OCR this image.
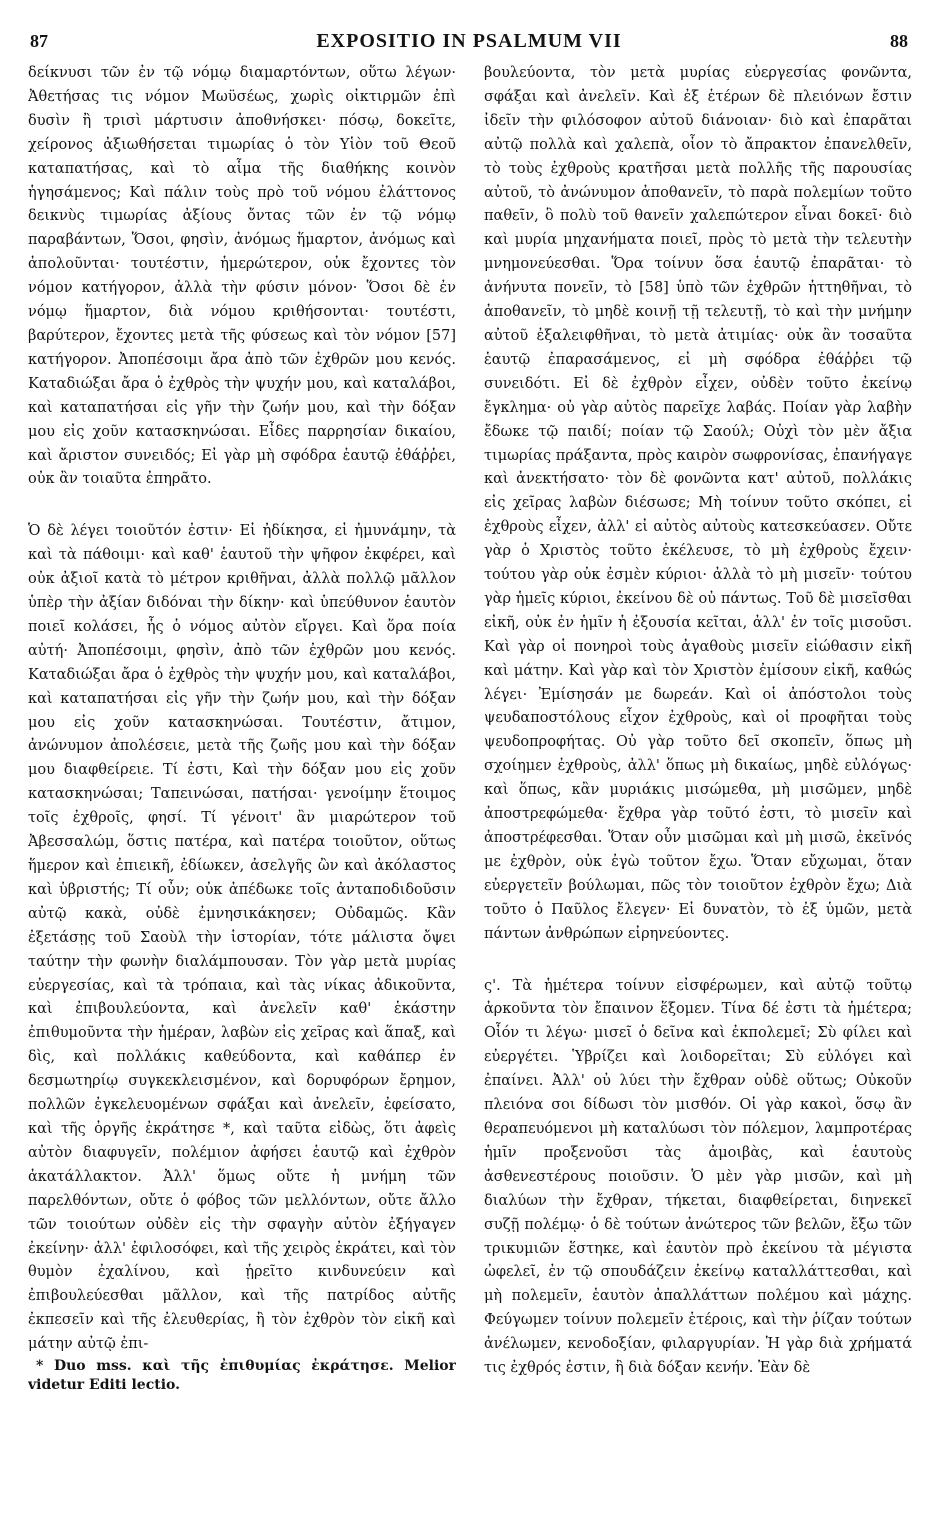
87	EXPOSITIO IN PSALMUM VII	88

δείκνυσι τῶν ἐν τῷ νόμῳ διαμαρτόντων, οὕτω λέγων· Ἀθετήσας τις νόμον Μωϋσέως, χωρὶς οἰκτιρμῶν ἐπὶ δυσὶν ἢ τρισὶ μάρτυσιν ἀποθνήσκει· πόσῳ, δοκεῖτε, χείρονος ἀξιωθήσεται τιμωρίας ὁ τὸν Υἱὸν τοῦ Θεοῦ καταπατήσας, καὶ τὸ αἷμα τῆς διαθήκης κοινὸν ἡγησάμενος; Καὶ πάλιν τοὺς πρὸ τοῦ νόμου ἐλάττονος δεικνὺς τιμωρίας ἀξίους ὄντας τῶν ἐν τῷ νόμῳ παραβάντων, Ὅσοι, φησὶν, ἀνόμως ἥμαρτον, ἀνόμως καὶ ἀπολοῦνται· τουτέστιν, ἡμερώτερον, οὐκ ἔχοντες τὸν νόμον κατήγορον, ἀλλὰ τὴν φύσιν μόνον· Ὅσοι δὲ ἐν νόμῳ ἥμαρτον, διὰ νόμου κριθήσονται· τουτέστι, βαρύτερον, ἔχοντες μετὰ τῆς φύσεως καὶ τὸν νόμον [57] κατήγορον. Ἀποπέσοιμι ἄρα ἀπὸ τῶν ἐχθρῶν μου κενός. Καταδιώξαι ἄρα ὁ ἐχθρὸς τὴν ψυχήν μου, καὶ καταλάβοι, καὶ καταπατήσαι εἰς γῆν τὴν ζωήν μου, καὶ τὴν δόξαν μου εἰς χοῦν κατασκηνώσαι. Εἶδες παρρησίαν δικαίου, καὶ ἄριστον συνειδός; Εἰ γὰρ μὴ σφόδρα ἑαυτῷ ἐθάῤῥει, οὐκ ἂν τοιαῦτα ἐπηρᾶτο.

Ὁ δὲ λέγει τοιοῦτόν ἐστιν· Εἰ ἠδίκησα, εἰ ἠμυνάμην, τὰ καὶ τὰ πάθοιμι· καὶ καθ' ἑαυτοῦ τὴν ψῆφον ἐκφέρει, καὶ οὐκ ἀξιοῖ κατὰ τὸ μέτρον κριθῆναι, ἀλλὰ πολλῷ μᾶλλον ὑπὲρ τὴν ἀξίαν διδόναι τὴν δίκην· καὶ ὑπεύθυνον ἑαυτὸν ποιεῖ κολάσει, ἧς ὁ νόμος αὐτὸν εἴργει. Καὶ ὅρα ποία αὐτή· Ἀποπέσοιμι, φησὶν, ἀπὸ τῶν ἐχθρῶν μου κενός. Καταδιώξαι ἄρα ὁ ἐχθρὸς τὴν ψυχήν μου, καὶ καταλάβοι, καὶ καταπατήσαι εἰς γῆν τὴν ζωήν μου, καὶ τὴν δόξαν μου εἰς χοῦν κατασκηνώσαι. Τουτέστιν, ἄτιμον, ἀνώνυμον ἀπολέσειε, μετὰ τῆς ζωῆς μου καὶ τὴν δόξαν μου διαφθείρειε. Τί ἐστι, Καὶ τὴν δόξαν μου εἰς χοῦν κατασκηνώσαι; Ταπεινώσαι, πατήσαι· γενοίμην ἕτοιμος τοῖς ἐχθροῖς, φησί. Τί γένοιτ' ἂν μιαρώτερον τοῦ Ἀβεσσαλώμ, ὅστις πατέρα, καὶ πατέρα τοιοῦτον, οὕτως ἥμερον καὶ ἐπιεικῆ, ἐδίωκεν, ἀσελγῆς ὢν καὶ ἀκόλαστος καὶ ὑβριστής; Τί οὖν; οὐκ ἀπέδωκε τοῖς ἀνταποδιδοῦσιν αὐτῷ κακὰ, οὐδὲ ἐμνησικάκησεν; Οὐδαμῶς. Κἂν ἐξετάσῃς τοῦ Σαοὺλ τὴν ἱστορίαν, τότε μάλιστα ὄψει ταύτην τὴν φωνὴν διαλάμπουσαν. Τὸν γὰρ μετὰ μυρίας εὐεργεσίας, καὶ τὰ τρόπαια, καὶ τὰς νίκας ἀδικοῦντα, καὶ ἐπιβουλεύοντα, καὶ ἀνελεῖν καθ' ἑκάστην ἐπιθυμοῦντα τὴν ἡμέραν, λαβὼν εἰς χεῖρας καὶ ἅπαξ, καὶ δὶς, καὶ πολλάκις καθεύδοντα, καὶ καθάπερ ἐν δεσμωτηρίῳ συγκεκλεισμένον, καὶ δορυφόρων ἔρημον, πολλῶν ἐγκελευομένων σφάξαι καὶ ἀνελεῖν, ἐφείσατο, καὶ τῆς ὀργῆς ἐκράτησε *, καὶ ταῦτα εἰδὼς, ὅτι ἀφεὶς αὐτὸν διαφυγεῖν, πολέμιον ἀφήσει ἑαυτῷ καὶ ἐχθρὸν ἀκατάλλακτον. Ἀλλ' ὅμως οὔτε ἡ μνήμη τῶν παρελθόντων, οὔτε ὁ φόβος τῶν μελλόντων, οὔτε ἄλλο τῶν τοιούτων οὐδὲν εἰς τὴν σφαγὴν αὐτὸν ἐξήγαγεν ἐκείνην· ἀλλ' ἐφιλοσόφει, καὶ τῆς χειρὸς ἐκράτει, καὶ τὸν θυμὸν ἐχαλίνου, καὶ ᾑρεῖτο κινδυνεύειν καὶ ἐπιβουλεύεσθαι μᾶλλον, καὶ τῆς πατρίδος αὐτῆς ἐκπεσεῖν καὶ τῆς ἐλευθερίας, ἢ τὸν ἐχθρὸν τὸν εἰκῆ καὶ μάτην αὐτῷ ἐπι-

* Duo mss. καὶ τῆς ἐπιθυμίας ἐκράτησε. Melior videtur Editi lectio.

βουλεύοντα, τὸν μετὰ μυρίας εὐεργεσίας φονῶντα, σφάξαι καὶ ἀνελεῖν. Καὶ ἐξ ἑτέρων δὲ πλειόνων ἔστιν ἰδεῖν τὴν φιλόσοφον αὐτοῦ διάνοιαν· διὸ καὶ ἐπαρᾶται αὐτῷ πολλὰ καὶ χαλεπὰ, οἷον τὸ ἄπρακτον ἐπανελθεῖν, τὸ τοὺς ἐχθροὺς κρατῆσαι μετὰ πολλῆς τῆς παρουσίας αὐτοῦ, τὸ ἀνώνυμον ἀποθανεῖν, τὸ παρὰ πολεμίων τοῦτο παθεῖν, ὃ πολὺ τοῦ θανεῖν χαλεπώτερον εἶναι δοκεῖ· διὸ καὶ μυρία μηχανήματα ποιεῖ, πρὸς τὸ μετὰ τὴν τελευτὴν μνημονεύεσθαι. Ὅρα τοίνυν ὅσα ἑαυτῷ ἐπαρᾶται· τὸ ἀνήνυτα πονεῖν, τὸ [58] ὑπὸ τῶν ἐχθρῶν ἡττηθῆναι, τὸ ἀποθανεῖν, τὸ μηδὲ κοινῇ τῇ τελευτῇ, τὸ καὶ τὴν μνήμην αὐτοῦ ἐξαλειφθῆναι, τὸ μετὰ ἀτιμίας· οὐκ ἂν τοσαῦτα ἑαυτῷ ἐπαρασάμενος, εἰ μὴ σφόδρα ἐθάῤῥει τῷ συνειδότι. Εἰ δὲ ἐχθρὸν εἶχεν, οὐδὲν τοῦτο ἐκείνῳ ἔγκλημα· οὐ γὰρ αὐτὸς παρεῖχε λαβάς. Ποίαν γὰρ λαβὴν ἔδωκε τῷ παιδί; ποίαν τῷ Σαούλ; Οὐχὶ τὸν μὲν ἄξια τιμωρίας πράξαντα, πρὸς καιρὸν σωφρονίσας, ἐπανήγαγε καὶ ἀνεκτήσατο· τὸν δὲ φονῶντα κατ' αὐτοῦ, πολλάκις εἰς χεῖρας λαβὼν διέσωσε; Μὴ τοίνυν τοῦτο σκόπει, εἰ ἐχθροὺς εἶχεν, ἀλλ' εἰ αὐτὸς αὐτοὺς κατεσκεύασεν. Οὔτε γὰρ ὁ Χριστὸς τοῦτο ἐκέλευσε, τὸ μὴ ἐχθροὺς ἔχειν· τούτου γὰρ οὐκ ἐσμὲν κύριοι· ἀλλὰ τὸ μὴ μισεῖν· τούτου γὰρ ἡμεῖς κύριοι, ἐκείνου δὲ οὐ πάντως. Τοῦ δὲ μισεῖσθαι εἰκῆ, οὐκ ἐν ἡμῖν ἡ ἐξουσία κεῖται, ἀλλ' ἐν τοῖς μισοῦσι. Καὶ γὰρ οἱ πονηροὶ τοὺς ἀγαθοὺς μισεῖν εἰώθασιν εἰκῆ καὶ μάτην. Καὶ γὰρ καὶ τὸν Χριστὸν ἐμίσουν εἰκῆ, καθώς λέγει· Ἐμίσησάν με δωρεάν. Καὶ οἱ ἀπόστολοι τοὺς ψευδαποστόλους εἶχον ἐχθροὺς, καὶ οἱ προφῆται τοὺς ψευδοπροφήτας. Οὐ γὰρ τοῦτο δεῖ σκοπεῖν, ὅπως μὴ σχοίημεν ἐχθροὺς, ἀλλ' ὅπως μὴ δικαίως, μηδὲ εὐλόγως· καὶ ὅπως, κἂν μυριάκις μισώμεθα, μὴ μισῶμεν, μηδὲ ἀποστρεφώμεθα· ἔχθρα γὰρ τοῦτό ἐστι, τὸ μισεῖν καὶ ἀποστρέφεσθαι. Ὅταν οὖν μισῶμαι καὶ μὴ μισῶ, ἐκεῖνός με ἐχθρὸν, οὐκ ἐγὼ τοῦτον ἔχω. Ὅταν εὔχωμαι, ὅταν εὐεργετεῖν βούλωμαι, πῶς τὸν τοιοῦτον ἐχθρὸν ἔχω; Διὰ τοῦτο ὁ Παῦλος ἔλεγεν· Εἰ δυνατὸν, τὸ ἐξ ὑμῶν, μετὰ πάντων ἀνθρώπων εἰρηνεύοντες.

ς'. Τὰ ἡμέτερα τοίνυν εἰσφέρωμεν, καὶ αὐτῷ τοῦτῳ ἀρκοῦντα τὸν ἔπαινον ἕξομεν. Τίνα δέ ἐστι τὰ ἡμέτερα; Οἷόν τι λέγω· μισεῖ ὁ δεῖνα καὶ ἐκπολεμεῖ; Σὺ φίλει καὶ εὐεργέτει. Ὑβρίζει καὶ λοιδορεῖται; Σὺ εὐλόγει καὶ ἐπαίνει. Ἀλλ' οὐ λύει τὴν ἔχθραν οὐδὲ οὕτως; Οὐκοῦν πλειόνα σοι δίδωσι τὸν μισθόν. Οἱ γὰρ κακοὶ, ὅσῳ ἂν θεραπευόμενοι μὴ καταλύωσι τὸν πόλεμον, λαμπροτέρας ἡμῖν προξενοῦσι τὰς ἀμοιβὰς, καὶ ἑαυτοὺς ἀσθενεστέρους ποιοῦσιν. Ὁ μὲν γὰρ μισῶν, καὶ μὴ διαλύων τὴν ἔχθραν, τήκεται, διαφθείρεται, διηνεκεῖ συζῇ πολέμῳ· ὁ δὲ τούτων ἀνώτερος τῶν βελῶν, ἔξω τῶν τρικυμιῶν ἕστηκε, καὶ ἑαυτὸν πρὸ ἐκείνου τὰ μέγιστα ὠφελεῖ, ἐν τῷ σπουδάζειν ἐκείνῳ καταλλάττεσθαι, καὶ μὴ πολεμεῖν, ἑαυτὸν ἀπαλλάττων πολέμου καὶ μάχης. Φεύγωμεν τοίνυν πολεμεῖν ἑτέροις, καὶ τὴν ῥίζαν τούτων ἀνέλωμεν, κενοδοξίαν, φιλαργυρίαν. Ἡ γὰρ διὰ χρήματά τις ἐχθρός ἐστιν, ἢ διὰ δόξαν κενήν. Ἐὰν δὲ
